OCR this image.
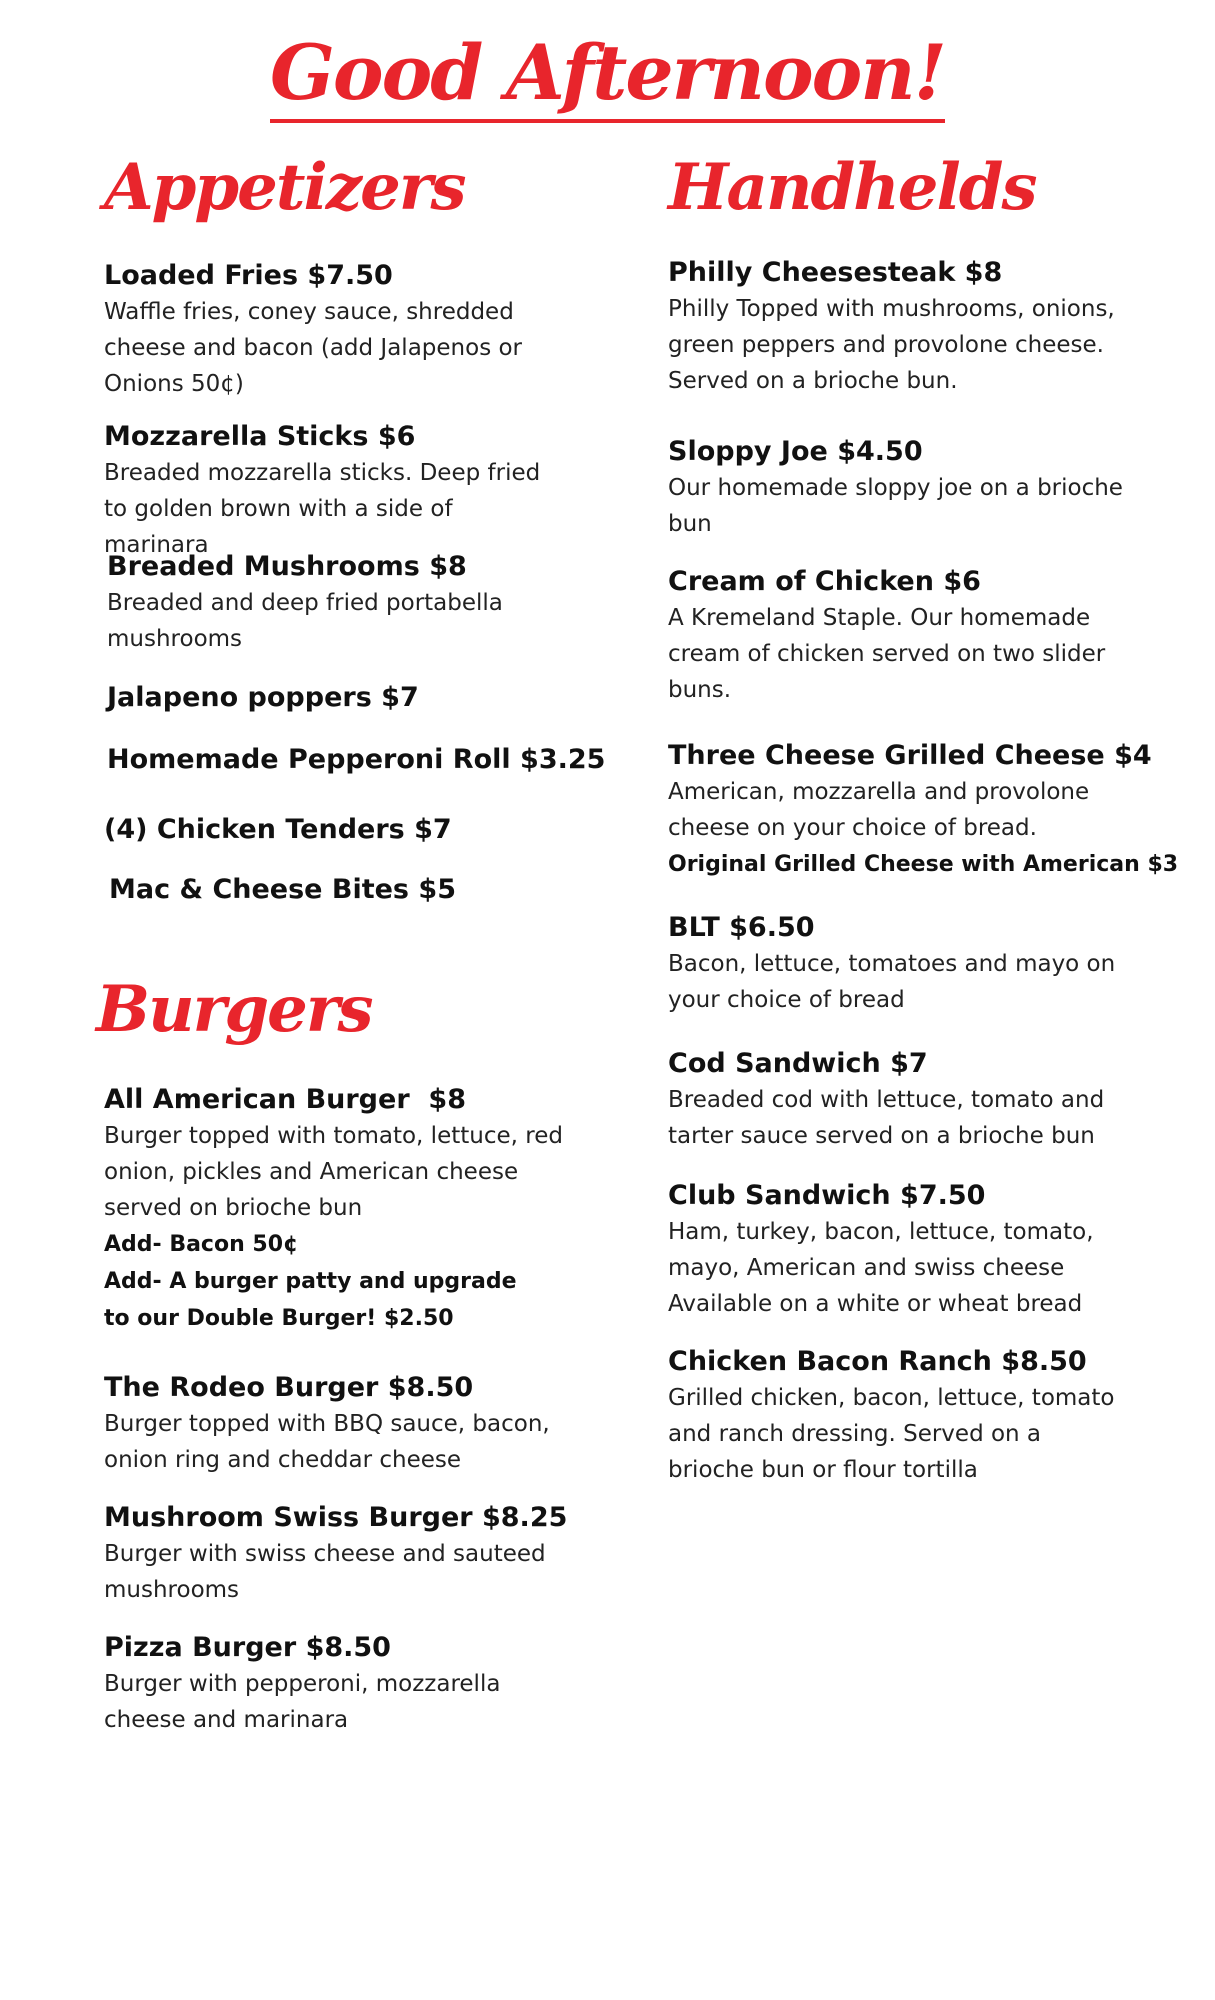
Good Afternoon!
Appetizers
Loaded Fries $7.50
Waffle fries, coney sauce, shredded cheese and bacon (add Jalapenos or Onions 50¢)
Mozzarella Sticks $6
Breaded mozzarella sticks. Deep fried to golden brown with a side of marinara
Breaded Mushrooms $8
Breaded and deep fried portabella mushrooms
Jalapeno poppers $7
Homemade Pepperoni Roll $3.25
(4) Chicken Tenders $7
Mac & Cheese Bites $5
Burgers
All American Burger  $8
Burger topped with tomato, lettuce, red onion, pickles and American cheese served on brioche bun
Add- Bacon 50¢
Add- A burger patty and upgrade to our Double Burger! $2.50
The Rodeo Burger $8.50
Burger topped with BBQ sauce, bacon, onion ring and cheddar cheese
Mushroom Swiss Burger $8.25
Burger with swiss cheese and sauteed mushrooms
Pizza Burger $8.50
Burger with pepperoni, mozzarella cheese and marinara
Handhelds
Philly Cheesesteak $8
Philly Topped with mushrooms, onions, green peppers and provolone cheese. Served on a brioche bun.
Sloppy Joe $4.50
Our homemade sloppy joe on a brioche bun
Cream of Chicken $6
A Kremeland Staple. Our homemade cream of chicken served on two slider buns.
Three Cheese Grilled Cheese $4
American, mozzarella and provolone cheese on your choice of bread.
Original Grilled Cheese with American $3
BLT $6.50
Bacon, lettuce, tomatoes and mayo on your choice of bread
Cod Sandwich $7
Breaded cod with lettuce, tomato and tarter sauce served on a brioche bun
Club Sandwich $7.50
Ham, turkey, bacon, lettuce, tomato, mayo, American and swiss cheese Available on a white or wheat bread
Chicken Bacon Ranch $8.50
Grilled chicken, bacon, lettuce, tomato and ranch dressing. Served on a brioche bun or flour tortilla
